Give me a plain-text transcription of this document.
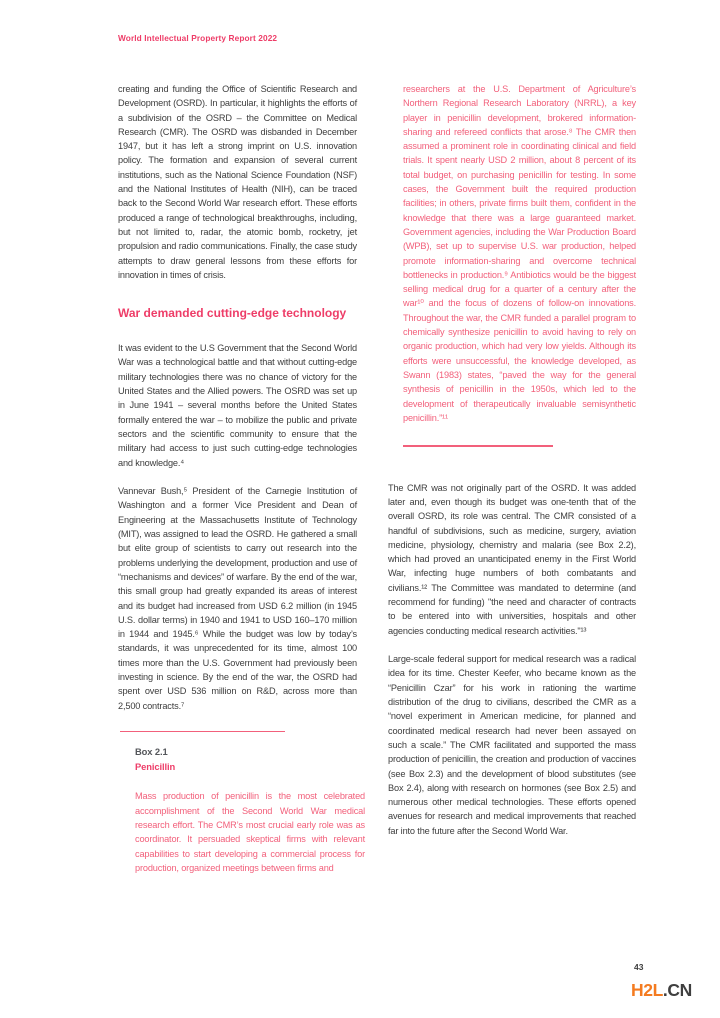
World Intellectual Property Report 2022

creating and funding the Office of Scientific Research and Development (OSRD). In particular, it highlights the efforts of a subdivision of the OSRD – the Committee on Medical Research (CMR). The OSRD was disbanded in December 1947, but it has left a strong imprint on U.S. innovation policy. The formation and expansion of several current institutions, such as the National Science Foundation (NSF) and the National Institutes of Health (NIH), can be traced back to the Second World War research effort. These efforts produced a range of technological breakthroughs, including, but not limited to, radar, the atomic bomb, rocketry, jet propulsion and radio communications. Finally, the case study attempts to draw general lessons from these efforts for innovation in times of crisis.

War demanded cutting-edge technology

It was evident to the U.S Government that the Second World War was a technological battle and that without cutting-edge military technologies there was no chance of victory for the United States and the Allied powers. The OSRD was set up in June 1941 – several months before the United States formally entered the war – to mobilize the public and private sectors and the scientific community to ensure that the military had access to just such cutting-edge technologies and knowledge.⁴

Vannevar Bush,⁵ President of the Carnegie Institution of Washington and a former Vice President and Dean of Engineering at the Massachusetts Institute of Technology (MIT), was assigned to lead the OSRD. He gathered a small but elite group of scientists to carry out research into the problems underlying the development, production and use of “mechanisms and devices” of warfare. By the end of the war, this small group had greatly expanded its areas of interest and its budget had increased from USD 6.2 million (in 1945 U.S. dollar terms) in 1940 and 1941 to USD 160–170 million in 1944 and 1945.⁶ While the budget was low by today’s standards, it was unprecedented for its time, almost 100 times more than the U.S. Government had previously been investing in science. By the end of the war, the OSRD had spent over USD 536 million on R&D, across more than 2,500 contracts.⁷

Box 2.1
Penicillin

Mass production of penicillin is the most celebrated accomplishment of the Second World War medical research effort. The CMR’s most crucial early role was as coordinator. It persuaded skeptical firms with relevant capabilities to start developing a commercial process for production, organized meetings between firms and

researchers at the U.S. Department of Agriculture’s Northern Regional Research Laboratory (NRRL), a key player in penicillin development, brokered information-sharing and refereed conflicts that arose.⁸ The CMR then assumed a prominent role in coordinating clinical and field trials. It spent nearly USD 2 million, about 8 percent of its total budget, on purchasing penicillin for testing. In some cases, the Government built the required production facilities; in others, private firms built them, confident in the knowledge that there was a large guaranteed market. Government agencies, including the War Production Board (WPB), set up to supervise U.S. war production, helped promote information-sharing and overcome technical bottlenecks in production.⁹ Antibiotics would be the biggest selling medical drug for a quarter of a century after the war¹⁰ and the focus of dozens of follow-on innovations. Throughout the war, the CMR funded a parallel program to chemically synthesize penicillin to avoid having to rely on organic production, which had very low yields. Although its efforts were unsuccessful, the knowledge developed, as Swann (1983) states, “paved the way for the general synthesis of penicillin in the 1950s, which led to the development of therapeutically invaluable semisynthetic penicillin.”¹¹

The CMR was not originally part of the OSRD. It was added later and, even though its budget was one-tenth that of the overall OSRD, its role was central. The CMR consisted of a handful of subdivisions, such as medicine, surgery, aviation medicine, physiology, chemistry and malaria (see Box 2.2), which had proved an unanticipated enemy in the First World War, infecting huge numbers of both combatants and civilians.¹² The Committee was mandated to determine (and recommend for funding) "the need and character of contracts to be entered into with universities, hospitals and other agencies conducting medical research activities."¹³

Large-scale federal support for medical research was a radical idea for its time. Chester Keefer, who became known as the “Penicillin Czar” for his work in rationing the wartime distribution of the drug to civilians, described the CMR as a “novel experiment in American medicine, for planned and coordinated medical research had never been assayed on such a scale.” The CMR facilitated and supported the mass production of penicillin, the creation and production of vaccines (see Box 2.3) and the development of blood substitutes (see Box 2.4), along with research on hormones (see Box 2.5) and numerous other medical technologies. These efforts opened avenues for research and medical improvements that reached far into the future after the Second World War.

43
H2L.CN
